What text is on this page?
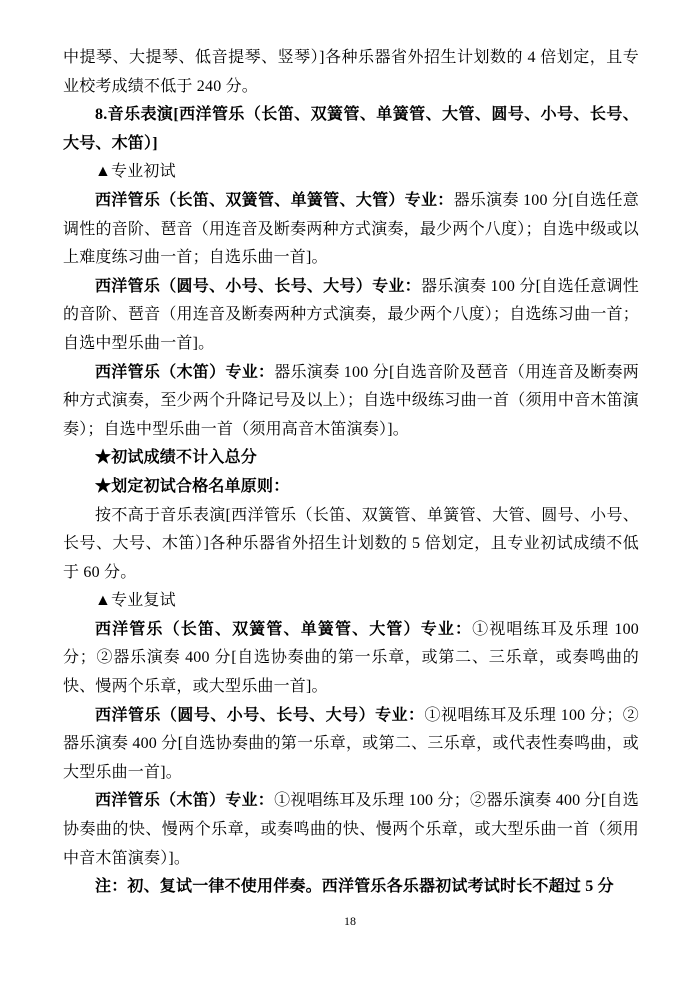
中提琴、大提琴、低音提琴、竖琴）]各种乐器省外招生计划数的 4 倍划定，且专业校考成绩不低于 240 分。

8.音乐表演[西洋管乐（长笛、双簧管、单簧管、大管、圆号、小号、长号、大号、木笛）]

▲专业初试

西洋管乐（长笛、双簧管、单簧管、大管）专业：器乐演奏 100 分[自选任意调性的音阶、琶音（用连音及断奏两种方式演奏，最少两个八度）；自选中级或以上难度练习曲一首；自选乐曲一首]。

西洋管乐（圆号、小号、长号、大号）专业：器乐演奏 100 分[自选任意调性的音阶、琶音（用连音及断奏两种方式演奏，最少两个八度）；自选练习曲一首；自选中型乐曲一首]。

西洋管乐（木笛）专业：器乐演奏 100 分[自选音阶及琶音（用连音及断奏两种方式演奏，至少两个升降记号及以上）；自选中级练习曲一首（须用中音木笛演奏）；自选中型乐曲一首（须用高音木笛演奏）]。

★初试成绩不计入总分

★划定初试合格名单原则：

按不高于音乐表演[西洋管乐（长笛、双簧管、单簧管、大管、圆号、小号、长号、大号、木笛）]各种乐器省外招生计划数的 5 倍划定，且专业初试成绩不低于 60 分。

▲专业复试

西洋管乐（长笛、双簧管、单簧管、大管）专业：①视唱练耳及乐理 100 分；②器乐演奏 400 分[自选协奏曲的第一乐章，或第二、三乐章，或奏鸣曲的快、慢两个乐章，或大型乐曲一首]。

西洋管乐（圆号、小号、长号、大号）专业：①视唱练耳及乐理 100 分；②器乐演奏 400 分[自选协奏曲的第一乐章，或第二、三乐章，或代表性奏鸣曲，或大型乐曲一首]。

西洋管乐（木笛）专业：①视唱练耳及乐理 100 分；②器乐演奏 400 分[自选协奏曲的快、慢两个乐章，或奏鸣曲的快、慢两个乐章，或大型乐曲一首（须用中音木笛演奏）]。

注：初、复试一律不使用伴奏。西洋管乐各乐器初试考试时长不超过 5 分

18
